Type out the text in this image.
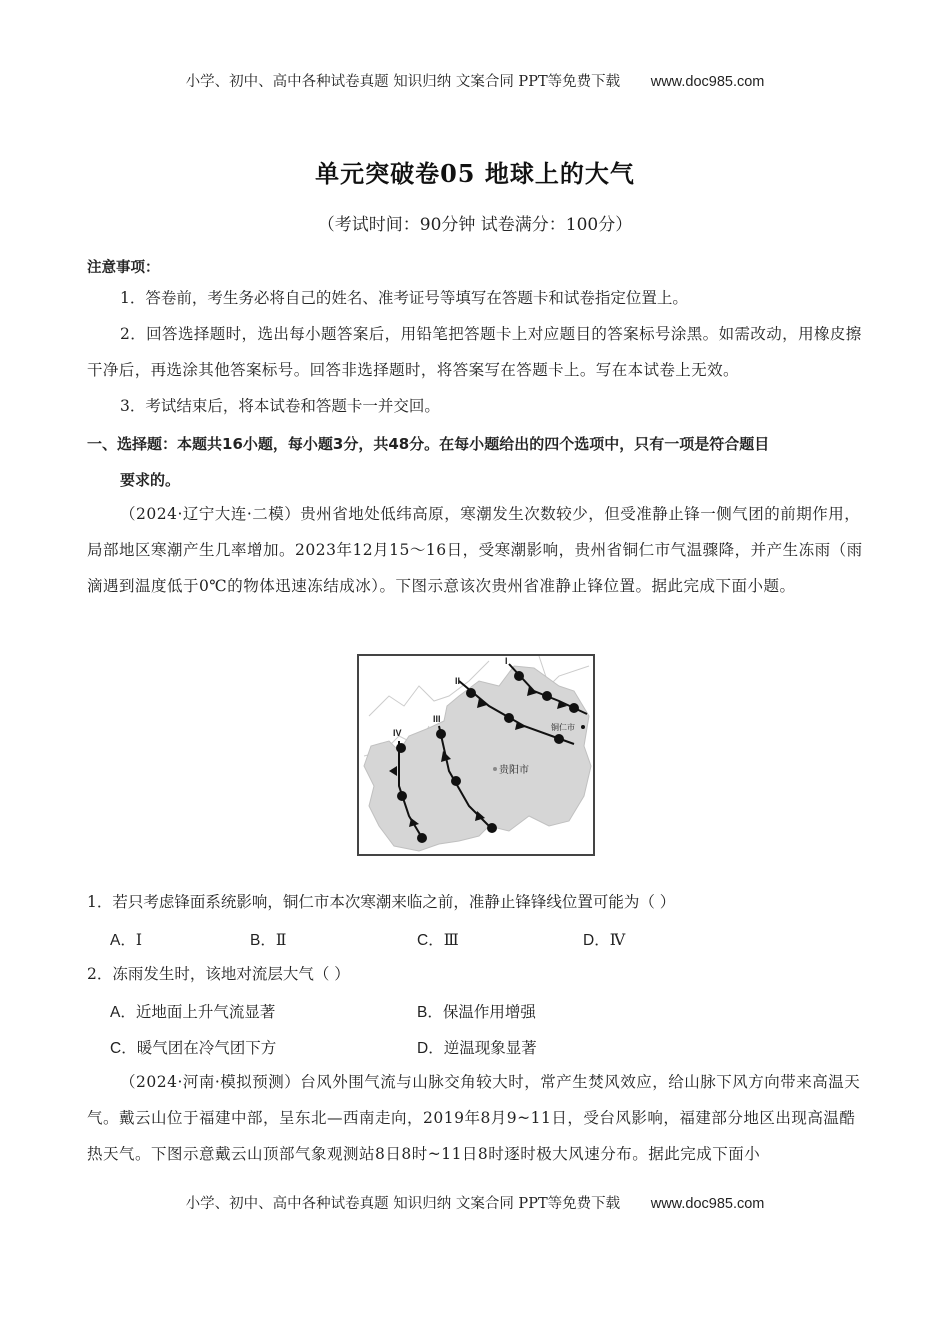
小学、初中、高中各种试卷真题 知识归纳 文案合同 PPT等免费下载 www.doc985.com
单元突破卷05 地球上的大气
（考试时间：90分钟 试卷满分：100分）
注意事项：
1．答卷前，考生务必将自己的姓名、准考证号等填写在答题卡和试卷指定位置上。
2．回答选择题时，选出每小题答案后，用铅笔把答题卡上对应题目的答案标号涂黑。如需改动，用橡皮擦干净后，再选涂其他答案标号。回答非选择题时，将答案写在答题卡上。写在本试卷上无效。
3．考试结束后，将本试卷和答题卡一并交回。
一、选择题：本题共16小题，每小题3分，共48分。在每小题给出的四个选项中，只有一项是符合题目
要求的。
（2024·辽宁大连·二模）贵州省地处低纬高原，寒潮发生次数较少，但受准静止锋一侧气团的前期作用，局部地区寒潮产生几率增加。2023年12月15～16日，受寒潮影响，贵州省铜仁市气温骤降，并产生冻雨（雨滴遇到温度低于0℃的物体迅速冻结成冰）。下图示意该次贵州省准静止锋位置。据此完成下面小题。
I
II
III
IV
铜仁市
贵阳市
1．若只考虑锋面系统影响，铜仁市本次寒潮来临之前，准静止锋锋线位置可能为（ ）
A．Ⅰ	B．Ⅱ	C．Ⅲ	D．Ⅳ
2．冻雨发生时，该地对流层大气（ ）
A．近地面上升气流显著	B．保温作用增强
C．暖气团在冷气团下方	D．逆温现象显著
（2024·河南·模拟预测）台风外围气流与山脉交角较大时，常产生焚风效应，给山脉下风方向带来高温天气。戴云山位于福建中部，呈东北—西南走向，2019年8月9~11日，受台风影响，福建部分地区出现高温酷热天气。下图示意戴云山顶部气象观测站8日8时~11日8时逐时极大风速分布。据此完成下面小
小学、初中、高中各种试卷真题 知识归纳 文案合同 PPT等免费下载 www.doc985.com
